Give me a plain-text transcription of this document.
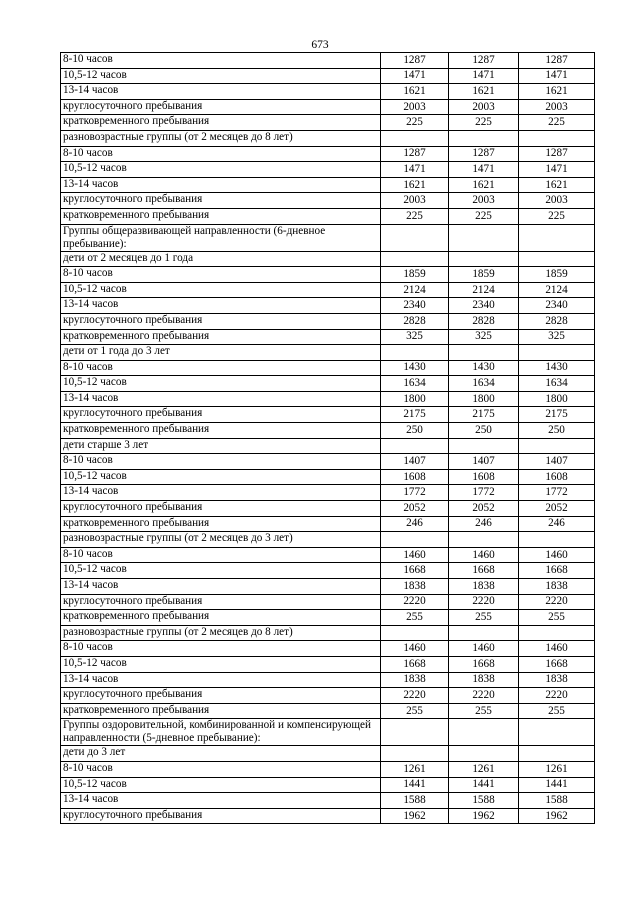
673
8-10 часов	1287	1287	1287
10,5-12 часов	1471	1471	1471
13-14 часов	1621	1621	1621
круглосуточного пребывания	2003	2003	2003
кратковременного пребывания	225	225	225
разновозрастные группы (от 2 месяцев до 8 лет)			
8-10 часов	1287	1287	1287
10,5-12 часов	1471	1471	1471
13-14 часов	1621	1621	1621
круглосуточного пребывания	2003	2003	2003
кратковременного пребывания	225	225	225
Группы общеразвивающей направленности (6-дневное пребывание):			
дети от 2 месяцев до 1 года			
8-10 часов	1859	1859	1859
10,5-12 часов	2124	2124	2124
13-14 часов	2340	2340	2340
круглосуточного пребывания	2828	2828	2828
кратковременного пребывания	325	325	325
дети от 1 года до 3 лет			
8-10 часов	1430	1430	1430
10,5-12 часов	1634	1634	1634
13-14 часов	1800	1800	1800
круглосуточного пребывания	2175	2175	2175
кратковременного пребывания	250	250	250
дети старше 3 лет			
8-10 часов	1407	1407	1407
10,5-12 часов	1608	1608	1608
13-14 часов	1772	1772	1772
круглосуточного пребывания	2052	2052	2052
кратковременного пребывания	246	246	246
разновозрастные группы (от 2 месяцев до 3 лет)			
8-10 часов	1460	1460	1460
10,5-12 часов	1668	1668	1668
13-14 часов	1838	1838	1838
круглосуточного пребывания	2220	2220	2220
кратковременного пребывания	255	255	255
разновозрастные группы (от 2 месяцев до 8 лет)			
8-10 часов	1460	1460	1460
10,5-12 часов	1668	1668	1668
13-14 часов	1838	1838	1838
круглосуточного пребывания	2220	2220	2220
кратковременного пребывания	255	255	255
Группы оздоровительной, комбинированной и компенсирующей направленности (5-дневное пребывание):			
дети до 3 лет			
8-10 часов	1261	1261	1261
10,5-12 часов	1441	1441	1441
13-14 часов	1588	1588	1588
круглосуточного пребывания	1962	1962	1962
